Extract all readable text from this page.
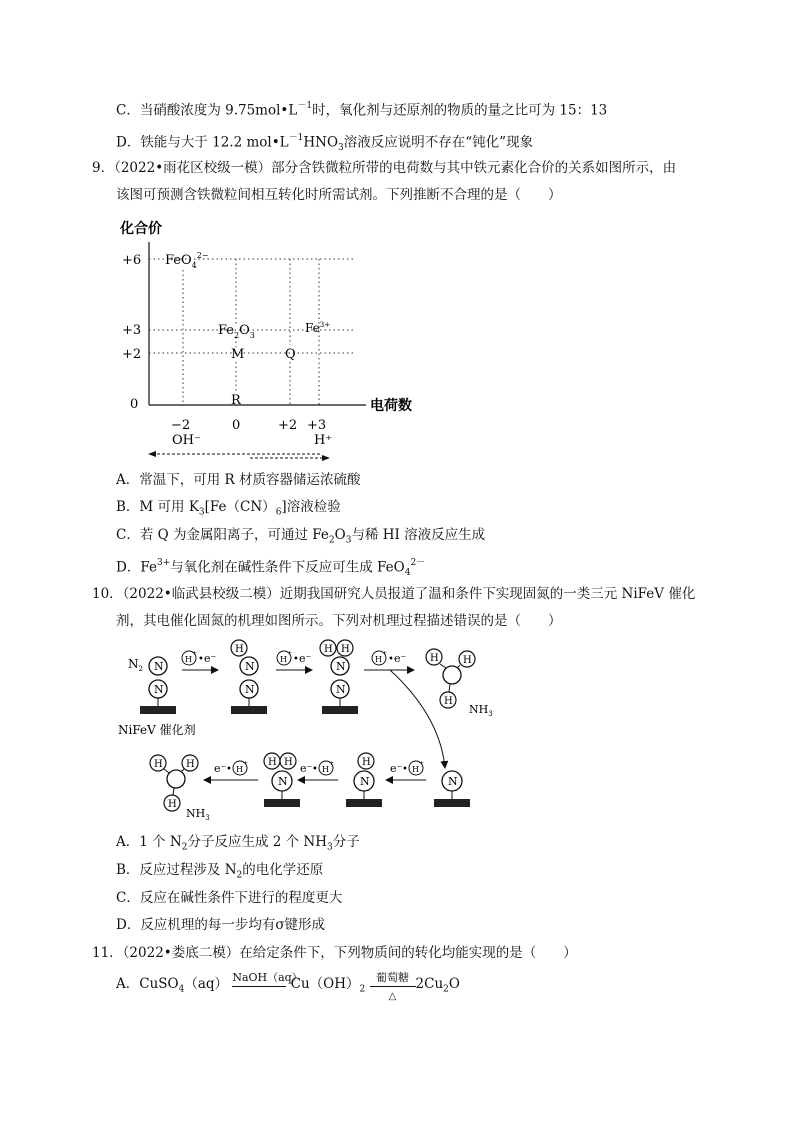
C．当硝酸浓度为 $9.75mol•L^{-1}$时，氧化剂与还原剂的物质的量之比可为 15：13
D．铁能与大于 12.2 $mol•L^{-1}HNO_3$溶液反应说明不存在“钝化”现象
9．（2022•雨花区校级一模）部分含铁微粒所带的电荷数与其中铁元素化合价的关系如图所示，由
该图可预测含铁微粒间相互转化时所需试剂。下列推断不合理的是（　　）
化合价
电荷数
+6
+3
+2
0
FeO$_4^{2-}$
$Fe_2O_3$
$Fe^{3+}$
M	Q
R
−2	0	+2 +3
OH⁻	H⁺
A．常温下，可用 R 材质容器储运浓硫酸
B．M 可用 $K_3[Fe(CN)_6]$溶液检验
C．若 Q 为金属阳离子，可通过 $Fe_2O_3$与稀 HI 溶液反应生成
D．$Fe^{3+}$与氧化剂在碱性条件下反应可生成 FeO$_4^{2-}$
10．（2022•临武县校级二模）近期我国研究人员报道了温和条件下实现固氮的一类三元 NiFeV 催化
剂，其电催化固氮的机理如图所示。下列对机理过程描述错误的是（　　）
$N_2$ N
N
NiFeV 催化剂
H
+
• e⁻
H
N
N
H
+
• e⁻
H H
N
N
H
+
• e⁻ H H
H
$NH_3$
N
e⁻ • H
+
H
N
e⁻ • H
+
H H
N
e⁻ • H
+
H H
H
$NH_3$
A．1 个 $N_2$分子反应生成 2 个 $NH_3$分子
B．反应过程涉及 $N_2$的电化学还原
C．反应在碱性条件下进行的程度更大
D．反应机理的每一步均有σ键形成
11．（2022•娄底二模）在给定条件下，下列物质间的转化均能实现的是（　　）
A．CuSO$_4$（aq） NaOH（aq）
$Cu(OH)_2$
葡萄糖
△
$2Cu_2O$
